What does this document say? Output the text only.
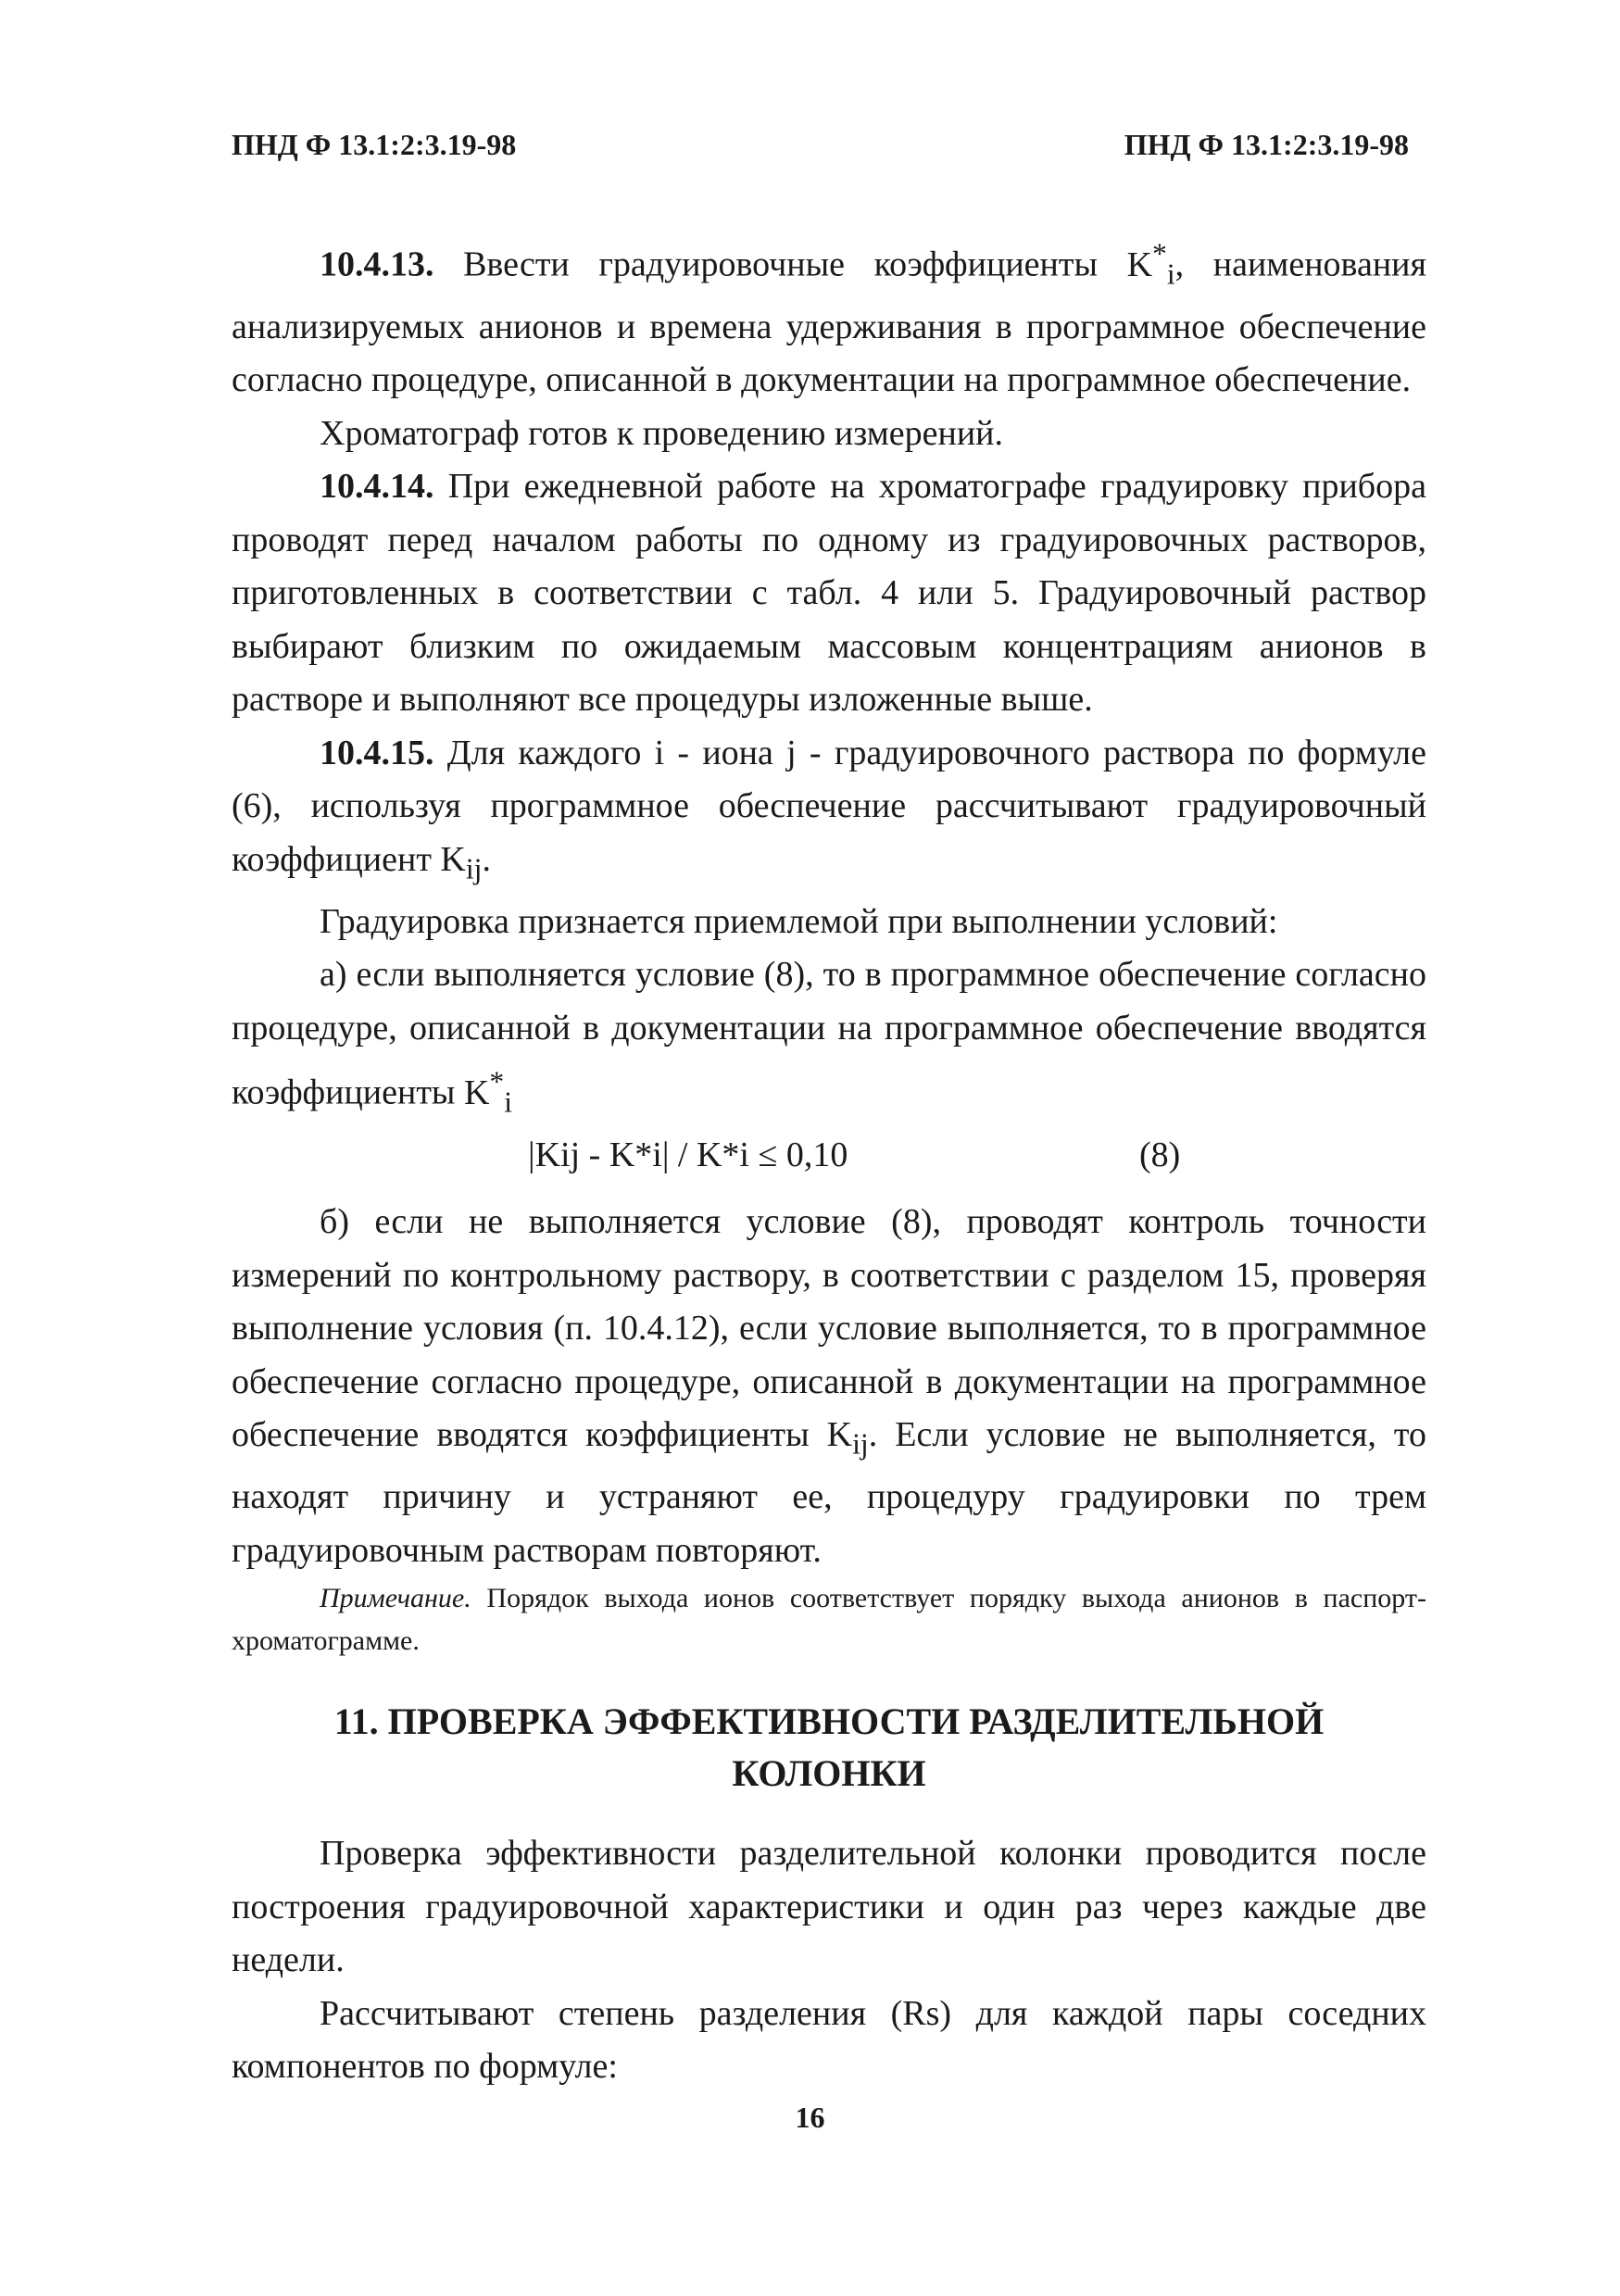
ПНД Ф 13.1:2:3.19-98	ПНД Ф 13.1:2:3.19-98

10.4.13. Ввести градуировочные коэффициенты $K^*_i$, наименования анализируемых анионов и времена удерживания в программное обеспечение согласно процедуре, описанной в документации на программное обеспечение.

Хроматограф готов к проведению измерений.

10.4.14. При ежедневной работе на хроматографе градуировку прибора проводят перед началом работы по одному из градуировочных растворов, приготовленных в соответствии с табл. 4 или 5. Градуировочный раствор выбирают близким по ожидаемым массовым концентрациям анионов в растворе и выполняют все процедуры изложенные выше.

10.4.15. Для каждого i - иона j - градуировочного раствора по формуле (6), используя программное обеспечение рассчитывают градуировочный коэффициент $K_{ij}$.

Градуировка признается приемлемой при выполнении условий:

а) если выполняется условие (8), то в программное обеспечение согласно процедуре, описанной в документации на программное обеспечение вводятся коэффициенты $K^*_i$

|Kij - K*i| / K*i ≤ 0,10	(8)

б) если не выполняется условие (8), проводят контроль точности измерений по контрольному раствору, в соответствии с разделом 15, проверяя выполнение условия (п. 10.4.12), если условие выполняется, то в программное обеспечение согласно процедуре, описанной в документации на программное обеспечение вводятся коэффициенты $K_{ij}$. Если условие не выполняется, то находят причину и устраняют ее, процедуру градуировки по трем градуировочным растворам повторяют.

Примечание. Порядок выхода ионов соответствует порядку выхода анионов в паспорт-хроматограмме.

11. ПРОВЕРКА ЭФФЕКТИВНОСТИ РАЗДЕЛИТЕЛЬНОЙ
КОЛОНКИ

Проверка эффективности разделительной колонки проводится после построения градуировочной характеристики и один раз через каждые две недели.

Рассчитывают степень разделения (Rs) для каждой пары соседних компонентов по формуле:

16
